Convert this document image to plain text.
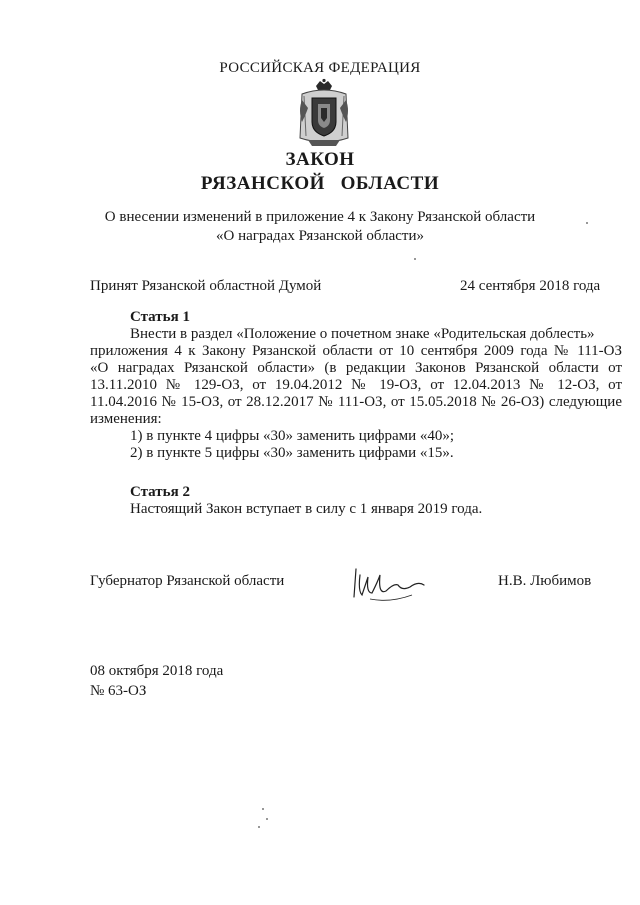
РОССИЙСКАЯ ФЕДЕРАЦИЯ
ЗАКОН
РЯЗАНСКОЙ   ОБЛАСТИ
О внесении изменений в приложение 4 к Закону Рязанской области
«О наградах Рязанской области»
Принят Рязанской областной Думой	24 сентября 2018 года
Статья 1
Внести в раздел «Положение о почетном знаке «Родительская доблесть»
приложения 4 к Закону Рязанской области от 10 сентября 2009 года № 111-ОЗ
«О наградах Рязанской области» (в редакции Законов Рязанской области от
13.11.2010 № 129-ОЗ, от 19.04.2012 № 19-ОЗ, от 12.04.2013 № 12-ОЗ, от
11.04.2016 № 15-ОЗ, от 28.12.2017 № 111-ОЗ, от 15.05.2018 № 26-ОЗ) следующие
изменения:
1) в пункте 4 цифры «30» заменить цифрами «40»;
2) в пункте 5 цифры «30» заменить цифрами «15».
Статья 2
Настоящий Закон вступает в силу с 1 января 2019 года.
Губернатор Рязанской области	Н.В. Любимов
08 октября 2018 года
№ 63-ОЗ
